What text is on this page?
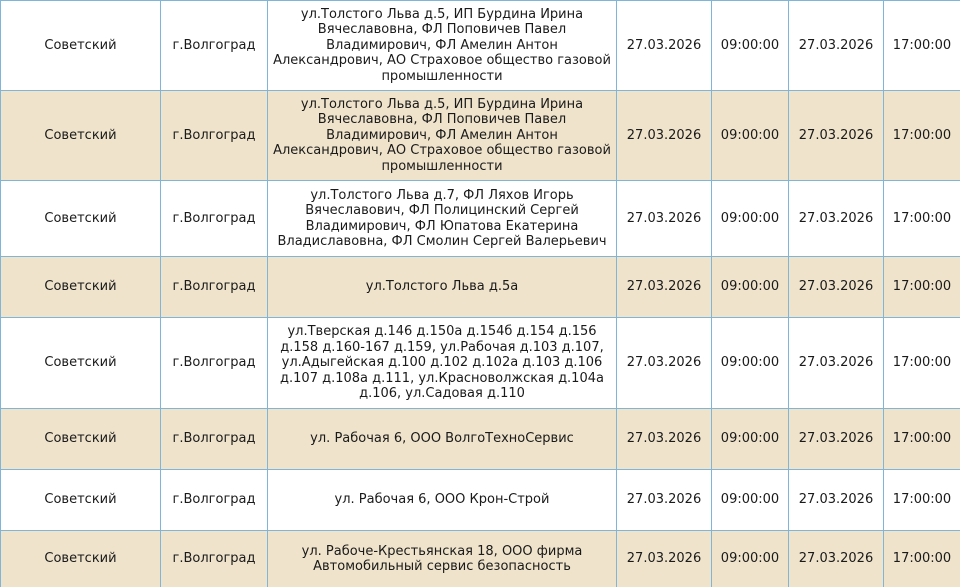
Советский	г.Волгоград	ул.Толстого Льва д.5, ИП Бурдина Ирина Вячеславовна, ФЛ Поповичев Павел Владимирович, ФЛ Амелин Антон Александрович, АО Страховое общество газовой промышленности	27.03.2026	09:00:00	27.03.2026	17:00:00
Советский	г.Волгоград	ул.Толстого Льва д.5, ИП Бурдина Ирина Вячеславовна, ФЛ Поповичев Павел Владимирович, ФЛ Амелин Антон Александрович, АО Страховое общество газовой промышленности	27.03.2026	09:00:00	27.03.2026	17:00:00
Советский	г.Волгоград	ул.Толстого Льва д.7, ФЛ Ляхов Игорь Вячеславович, ФЛ Полицинский Сергей Владимирович, ФЛ Юпатова Екатерина Владиславовна, ФЛ Смолин Сергей Валерьевич	27.03.2026	09:00:00	27.03.2026	17:00:00
Советский	г.Волгоград	ул.Толстого Льва д.5а	27.03.2026	09:00:00	27.03.2026	17:00:00
Советский	г.Волгоград	ул.Тверская д.146 д.150а д.154б д.154 д.156 д.158 д.160-167 д.159, ул.Рабочая д.103 д.107, ул.Адыгейская д.100 д.102 д.102а д.103 д.106 д.107 д.108а д.111, ул.Красноволжская д.104а д.106, ул.Садовая д.110	27.03.2026	09:00:00	27.03.2026	17:00:00
Советский	г.Волгоград	ул. Рабочая 6, ООО ВолгоТехноСервис	27.03.2026	09:00:00	27.03.2026	17:00:00
Советский	г.Волгоград	ул. Рабочая 6, ООО Крон-Строй	27.03.2026	09:00:00	27.03.2026	17:00:00
Советский	г.Волгоград	ул. Рабоче-Крестьянская 18, ООО фирма Автомобильный сервис безопасность	27.03.2026	09:00:00	27.03.2026	17:00:00
